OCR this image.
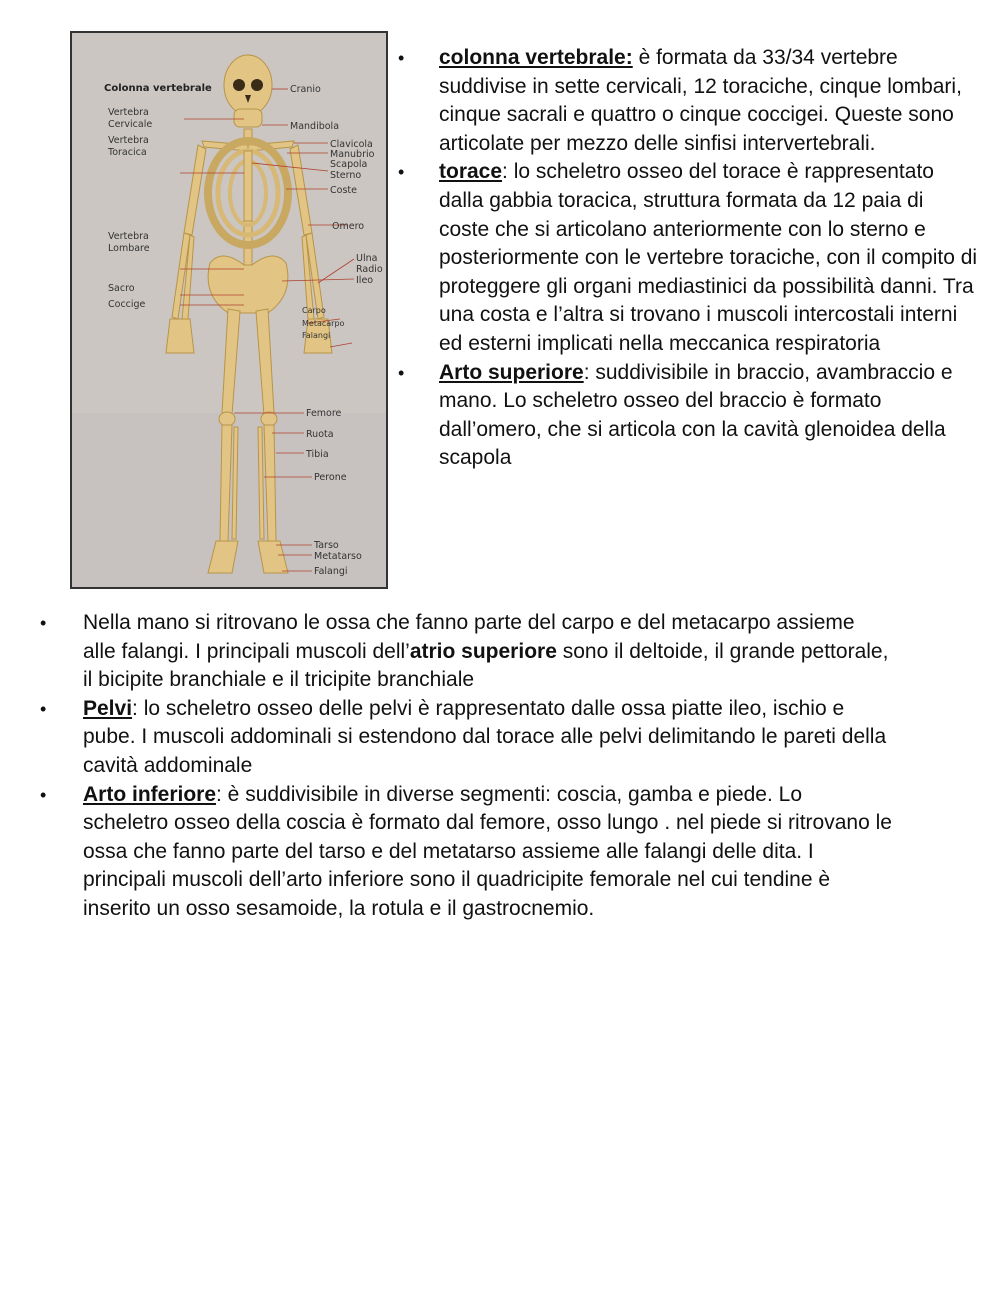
Colonna vertebrale
Vertebra
Cervicale
Vertebra
Toracica
Vertebra
Lombare
Sacro
Coccige
Cranio
Mandibola
Clavicola
Manubrio
Scapola
Sterno
Coste
Omero
Ulna
Radio
Ileo
Carpo
Metacarpo
Falangi
Femore
Ruota
Tibia
Perone
Tarso
Metatarso
Falangi
• colonna vertebrale: è formata da 33/34 vertebre suddivise in sette cervicali, 12 toraciche, cinque lombari, cinque sacrali e quattro o cinque coccigei. Queste sono articolate per mezzo delle sinfisi intervertebrali.
• torace: lo scheletro osseo del torace è rappresentato dalla gabbia toracica, struttura formata da 12 paia di coste che si articolano anteriormente con lo sterno e posteriormente con le vertebre toraciche, con il compito di proteggere gli organi mediastinici da possibilità danni. Tra una costa e l’altra si trovano i muscoli intercostali interni ed esterni implicati nella meccanica respiratoria
• Arto superiore: suddivisibile in braccio, avambraccio e mano. Lo scheletro osseo del braccio è formato dall’omero, che si articola con la cavità glenoidea della scapola
• Nella mano si ritrovano le ossa che fanno parte del carpo e del metacarpo assieme alle falangi. I principali muscoli dell’atrio superiore sono il deltoide, il grande pettorale, il bicipite branchiale e il tricipite branchiale
• Pelvi: lo scheletro osseo delle pelvi è rappresentato dalle ossa piatte ileo, ischio e pube. I muscoli addominali si estendono dal torace alle pelvi delimitando le pareti della cavità addominale
• Arto inferiore: è suddivisibile in diverse segmenti: coscia, gamba e piede. Lo scheletro osseo della coscia è formato dal femore, osso lungo . nel piede si ritrovano le ossa che fanno parte del tarso e del metatarso assieme alle falangi delle dita. I principali muscoli dell’arto inferiore sono il quadricipite femorale nel cui tendine è inserito un osso sesamoide, la rotula e il gastrocnemio.
